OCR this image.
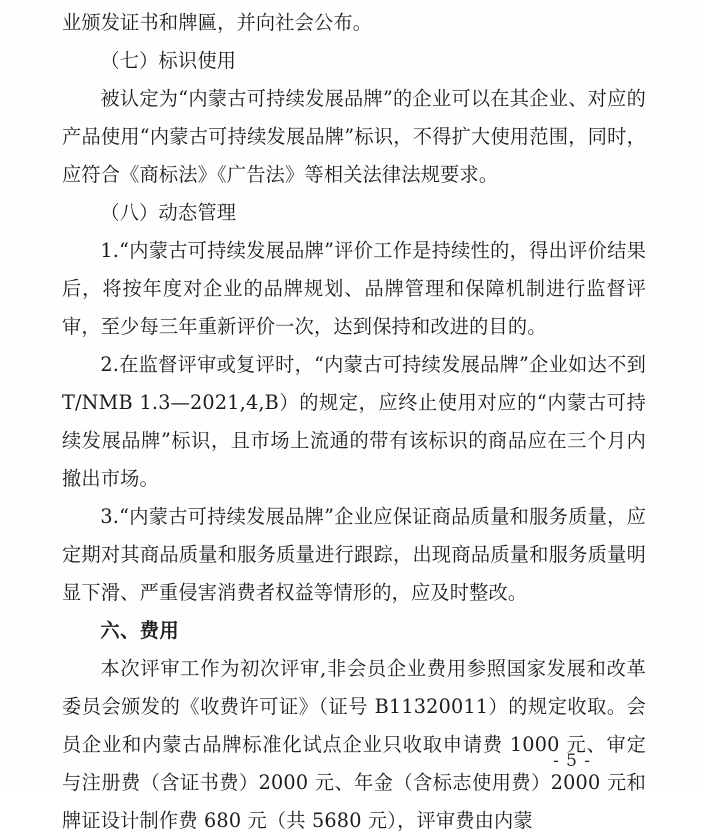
业颁发证书和牌匾，并向社会公布。

（七）标识使用

被认定为“内蒙古可持续发展品牌”的企业可以在其企业、对应的产品使用“内蒙古可持续发展品牌”标识，不得扩大使用范围，同时，应符合《商标法》《广告法》等相关法律法规要求。

（八）动态管理

1.“内蒙古可持续发展品牌”评价工作是持续性的，得出评价结果后，将按年度对企业的品牌规划、品牌管理和保障机制进行监督评审，至少每三年重新评价一次，达到保持和改进的目的。

2.在监督评审或复评时，“内蒙古可持续发展品牌”企业如达不到 T/NMB 1.3—2021,4,B）的规定，应终止使用对应的“内蒙古可持续发展品牌”标识，且市场上流通的带有该标识的商品应在三个月内撤出市场。

3.“内蒙古可持续发展品牌”企业应保证商品质量和服务质量，应定期对其商品质量和服务质量进行跟踪，出现商品质量和服务质量明显下滑、严重侵害消费者权益等情形的，应及时整改。

六、费用

本次评审工作为初次评审,非会员企业费用参照国家发展和改革委员会颁发的《收费许可证》（证号 B11320011）的规定收取。会员企业和内蒙古品牌标准化试点企业只收取申请费 1000 元、审定与注册费（含证书费）2000 元、年金（含标志使用费）2000 元和牌证设计制作费 680 元（共 5680 元），评审费由内蒙

- 5 -
